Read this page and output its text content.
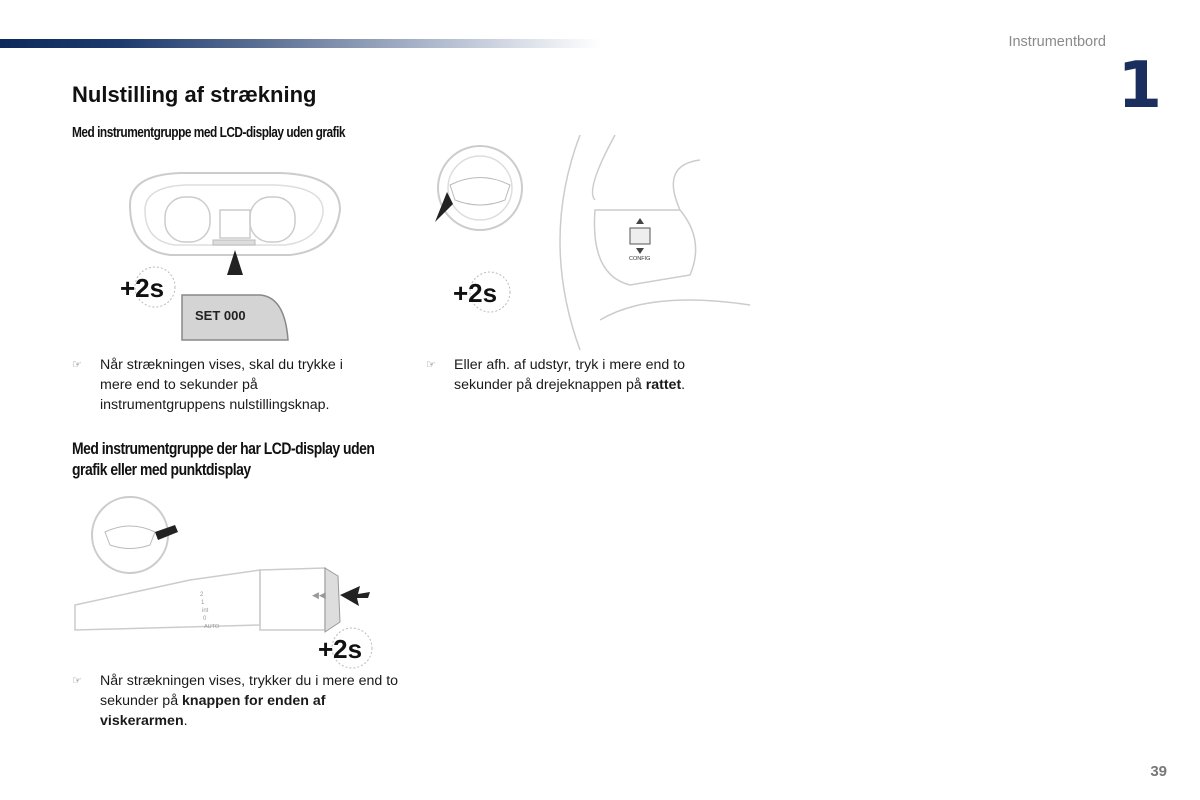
Instrumentbord
1
Nulstilling af strækning
Med instrumentgruppe med LCD-display uden grafik
+2s
SET 000
CONFIG
+2s
◀◀
2
1
int
0
AUTO
+2s
☞ Når strækningen vises, skal du trykke i mere end to sekunder på instrumentgruppens nulstillingsknap.
☞ Eller afh. af udstyr, tryk i mere end to sekunder på drejeknappen på rattet.
Med instrumentgruppe der har LCD-display uden grafik eller med punktdisplay
☞ Når strækningen vises, trykker du i mere end to sekunder på knappen for enden af viskerarmen.
39
